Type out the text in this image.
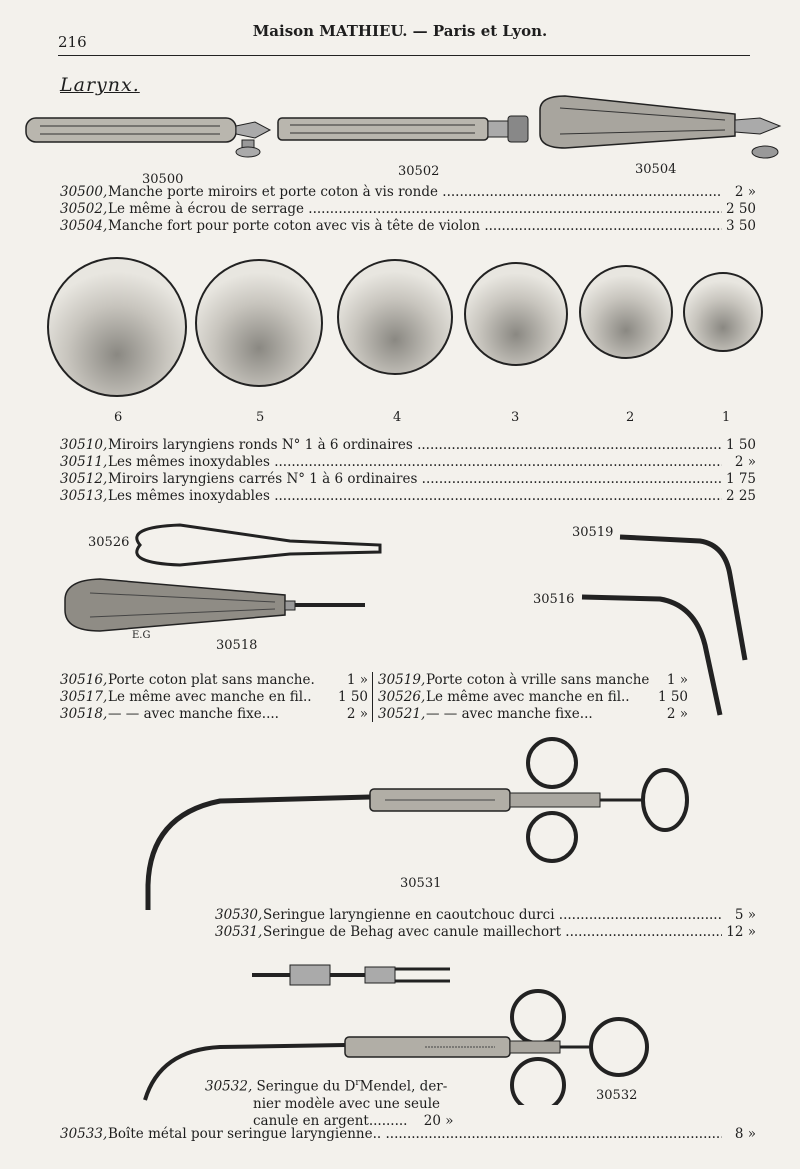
216
Maison MATHIEU. — Paris et Lyon.
Larynx.
30500
30502	30504
30500, Manche porte miroirs et porte coton à vis ronde .....	2 »
30502, Le même à écrou de serrage .....	2 50
30504, Manche fort pour porte coton avec vis à tête de violon .....	3 50
6	5	4	3	2	1
30510, Miroirs laryngiens ronds N° 1 à 6 ordinaires .....	1 50
30511, Les mêmes inoxydables .....	2 »
30512, Miroirs laryngiens carrés N° 1 à 6 ordinaires .....	1 75
30513, Les mêmes inoxydables .....	2 25
30526
30519
30516
30518
E.G
30516, Porte coton plat sans manche.	1 »
30517, Le même avec manche en fil..	1 50
30518, — — avec manche fixe....	2 »
30519, Porte coton à vrille sans manche	1 »
30526, Le même avec manche en fil..	1 50
30521, — — avec manche fixe...	2 »
30531
30530, Seringue laryngienne en caoutchouc durci .....	5 »
30531, Seringue de Behag avec canule maillechort .....	12 »
30532
30532, Seringue du $D^rMendel$, der-
nier modèle avec une seule
canule en argent......... 20 »
30533, Boîte métal pour seringue laryngienne.. .....	8 »
